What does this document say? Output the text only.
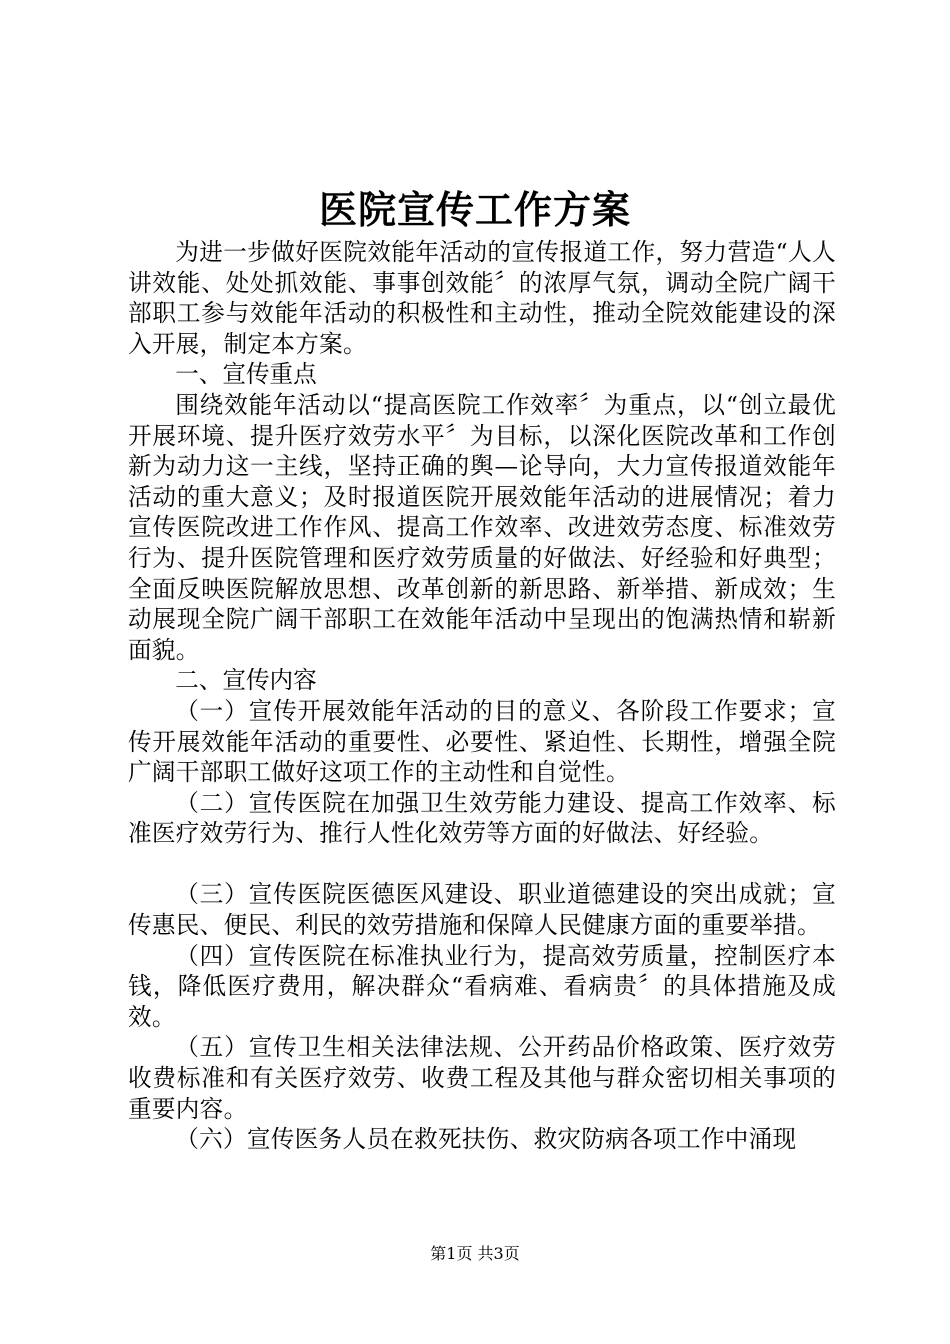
医院宣传工作方案

为进一步做好医院效能年活动的宣传报道工作，努力营造“人人讲效能、处处抓效能、事事创效能〞的浓厚气氛，调动全院广阔干部职工参与效能年活动的积极性和主动性，推动全院效能建设的深入开展，制定本方案。

一、宣传重点

围绕效能年活动以“提高医院工作效率〞为重点，以“创立最优开展环境、提升医疗效劳水平〞为目标，以深化医院改革和工作创新为动力这一主线，坚持正确的舆—论导向，大力宣传报道效能年活动的重大意义；及时报道医院开展效能年活动的进展情况；着力宣传医院改进工作作风、提高工作效率、改进效劳态度、标准效劳行为、提升医院管理和医疗效劳质量的好做法、好经验和好典型；全面反映医院解放思想、改革创新的新思路、新举措、新成效；生动展现全院广阔干部职工在效能年活动中呈现出的饱满热情和崭新面貌。

二、宣传内容

（一）宣传开展效能年活动的目的意义、各阶段工作要求；宣传开展效能年活动的重要性、必要性、紧迫性、长期性，增强全院广阔干部职工做好这项工作的主动性和自觉性。

（二）宣传医院在加强卫生效劳能力建设、提高工作效率、标准医疗效劳行为、推行人性化效劳等方面的好做法、好经验。

（三）宣传医院医德医风建设、职业道德建设的突出成就；宣传惠民、便民、利民的效劳措施和保障人民健康方面的重要举措。

（四）宣传医院在标准执业行为，提高效劳质量，控制医疗本钱，降低医疗费用，解决群众“看病难、看病贵〞的具体措施及成效。

（五）宣传卫生相关法律法规、公开药品价格政策、医疗效劳收费标准和有关医疗效劳、收费工程及其他与群众密切相关事项的重要内容。

（六）宣传医务人员在救死扶伤、救灾防病各项工作中涌现

第1页 共3页
